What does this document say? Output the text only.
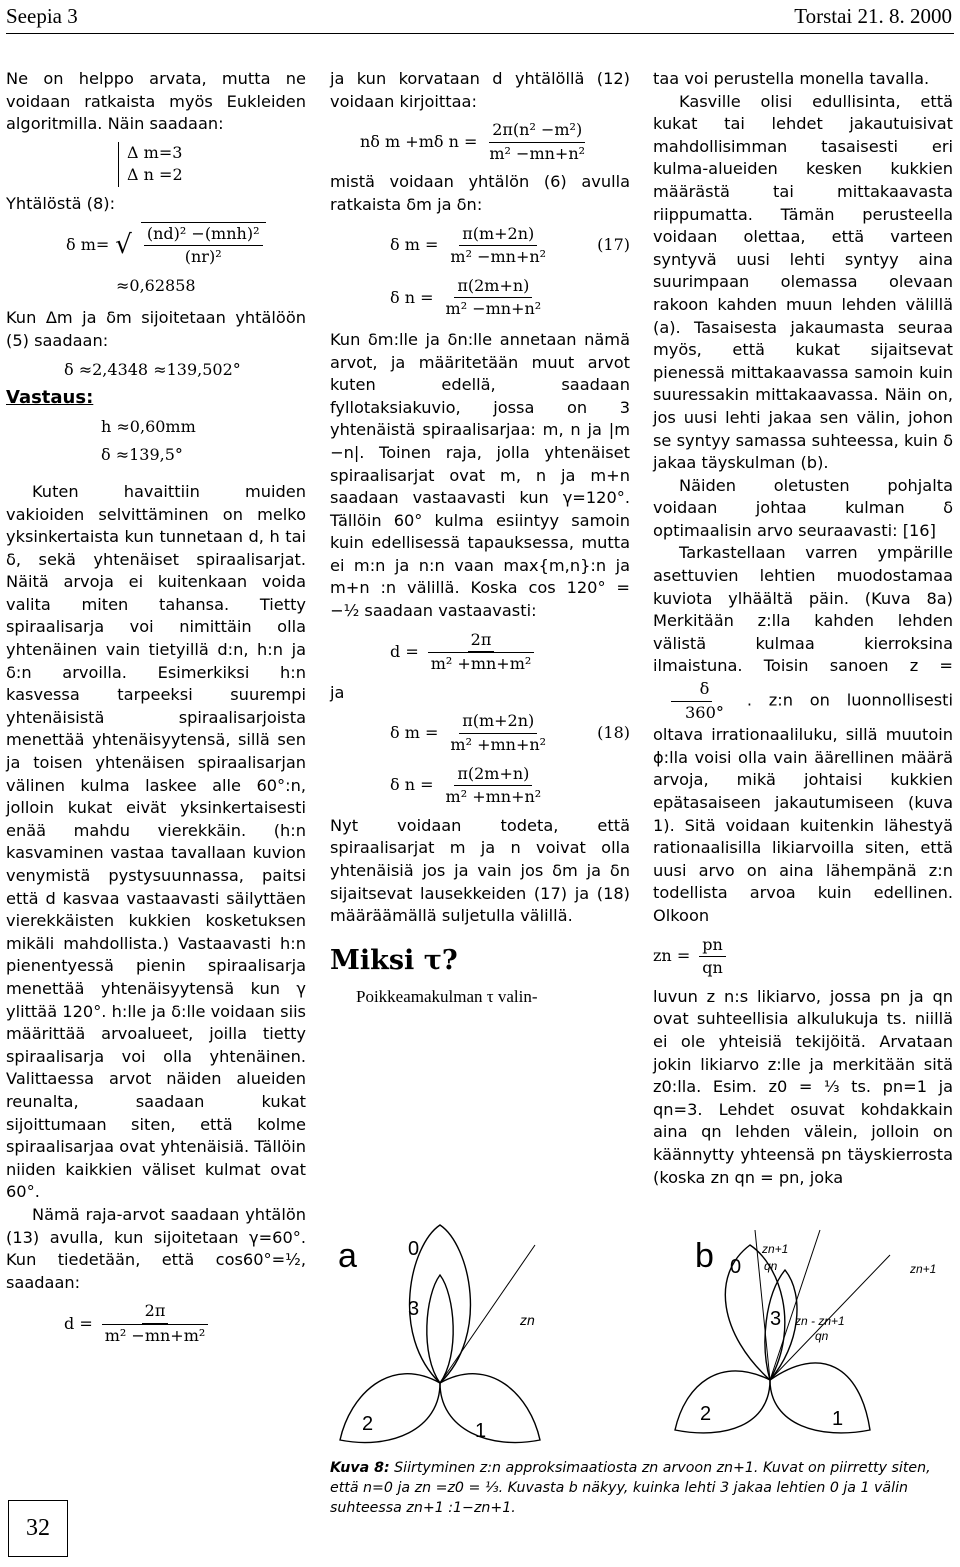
Seepia 3	Torstai 21. 8. 2000

Ne on helppo arvata, mutta ne voidaan ratkaista myös Eukleiden algoritmilla. Näin saadaan:

Δ m=3
Δ n =2

Yhtälöstä (8):

δ m= √ $\frac{\text{(nd)² −(mnh)²}}{\text{(nr)²}}$
≈0,62858

Kun Δm ja δm sijoitetaan yhtälöön (5) saadaan:

δ ≈2,4348 ≈139,502°
Vastaus:
h ≈0,60mm
δ ≈139,5°

Kuten havaittiin muiden vakioiden selvittäminen on melko yksinkertaista kun tunnetaan d, h tai δ, sekä yhtenäiset spiraalisarjat. Näitä arvoja ei kuitenkaan voida valita miten tahansa. Tietty spiraalisarja voi nimittäin olla yhtenäinen vain tietyillä d:n, h:n ja δ:n arvoilla. Esimerkiksi h:n kasvessa tarpeeksi suurempi yhtenäisistä spiraalisarjoista menettää yhtenäisyytensä, sillä sen ja toisen yhtenäisen spiraalisarjan välinen kulma laskee alle 60°:n, jolloin kukat eivät yksinkertaisesti enää mahdu vierekkäin. (h:n kasvaminen vastaa tavallaan kuvion venymistä pystysuunnassa, paitsi että d kasvaa vastaavasti säilyttäen vierekkäisten kukkien kosketuksen mikäli mahdollista.) Vastaavasti h:n pienentyessä pienin spiraalisarja menettää yhtenäisyytensä kun γ ylittää 120°. h:lle ja δ:lle voidaan siis määrittää arvoalueet, joilla tietty spiraalisarja voi olla yhtenäinen. Valittaessa arvot näiden alueiden reunalta, saadaan kukat sijoittumaan siten, että kolme spiraalisarjaa ovat yhtenäisiä. Tällöin niiden kaikkien väliset kulmat ovat 60°.

Nämä raja-arvot saadaan yhtälön (13) avulla, kun sijoitetaan γ=60°. Kun tiedetään, että cos60°=½, saadaan:

$d = \frac{2\pi}{\text{m² −mn+m²}}$

ja kun korvataan d yhtälöllä (12) voidaan kirjoittaa:

nδ m +mδ $n = \frac{\text{2π(n² −m²)}}{\text{m² −mn+n²}}$

mistä voidaan yhtälön (6) avulla ratkaista δm ja δn:

δ $m = \frac{\pi(m+2n)}{\text{m² −mn+n²}}$	(17)
δ $n = \frac{\pi(2m+n)}{\text{m² −mn+n²}}$

Kun δm:lle ja δn:lle annetaan nämä arvot, ja määritetään muut arvot kuten edellä, saadaan fyllotaksiakuvio, jossa on 3 yhtenäistä spiraalisarjaa: m, n ja |m −n|. Toinen raja, jolla yhtenäiset spiraalisarjat ovat m, n ja m+n saadaan vastaavasti kun γ=120°. Tällöin 60° kulma esiintyy samoin kuin edellisessä tapauksessa, mutta ei m:n ja n:n vaan max{m,n}:n ja m+n :n välillä. Koska cos 120° = −½ saadaan vastaavasti:

$d = \frac{2\pi}{\text{m² +mn+m²}}$

ja

δ $m = \frac{\pi(m+2n)}{\text{m² +mn+n²}}$	(18)
δ $n = \frac{\pi(2m+n)}{\text{m² +mn+n²}}$

Nyt voidaan todeta, että spiraalisarjat m ja n voivat olla yhtenäisiä jos ja vain jos δm ja δn sijaitsevat lausekkeiden (17) ja (18) määräämällä suljetulla välillä.

Miksi τ?

Poikkeamakulman τ valin-

taa voi perustella monella tavalla.

Kasville olisi edullisinta, että kukat tai lehdet jakautuisivat mahdollisimman tasaisesti eri kulma-alueiden kesken kukkien määrästä tai mittakaavasta riippumatta. Tämän perusteella voidaan olettaa, että varteen syntyvä uusi lehti syntyy aina suurimpaan olemassa olevaan rakoon kahden muun lehden välillä (a). Tasaisesta jakaumasta seuraa myös, että kukat sijaitsevat pienessä mittakaavassa samoin kuin suuressakin mittakaavassa. Näin on, jos uusi lehti jakaa sen välin, johon se syntyy samassa suhteessa, kuin δ jakaa täyskulman (b).

Näiden oletusten pohjalta voidaan johtaa kulman δ optimaalisin arvo seuraavasti: [16]

Tarkastellaan varren ympärille asettuvien lehtien muodostamaa kuviota ylhäältä päin. (Kuva 8a) Merkitään z:lla kahden lehden välistä kulmaa kierroksina ilmaistuna. Toisin sanoen z =
$\frac{\delta}{360^\circ}$ . z:n on luonnollisesti oltava irrationaaliluku, sillä muutoin ϕ:lla voisi olla vain äärellinen määrä arvoja, mikä johtaisi kukkien epätasaiseen jakautumiseen (kuva 1). Sitä voidaan kuitenkin lähestyä rationaalisilla likiarvoilla siten, että uusi arvo on aina lähempänä z:n todellista arvoa kuin edellinen. Olkoon

zn = $\frac{pn}{qn}$

luvun z n:s likiarvo, jossa pn ja qn ovat suhteellisia alkulukuja ts. niillä ei ole yhteisiä tekijöitä. Arvataan jokin likiarvo z:lle ja merkitään sitä z0:lla. Esim. z0 = ⅓ ts. pn=1 ja qn=3. Lehdet osuvat kohdakkain aina qn lehden välein, jolloin on käännytty yhteensä pn täyskierrosta (koska zn qn = pn, joka

a	0
3
2	1
zn
b 0
3
2	1
zn+1
qn	zn+1
zn - zn+1
qn
Kuva 8: Siirtyminen z:n approksimaatiosta zn arvoon zn+1. Kuvat on piirretty siten, että n=0 ja zn =z0 = ⅓. Kuvasta b näkyy, kuinka lehti 3 jakaa lehtien 0 ja 1 välin suhteessa zn+1 :1−zn+1.
32
